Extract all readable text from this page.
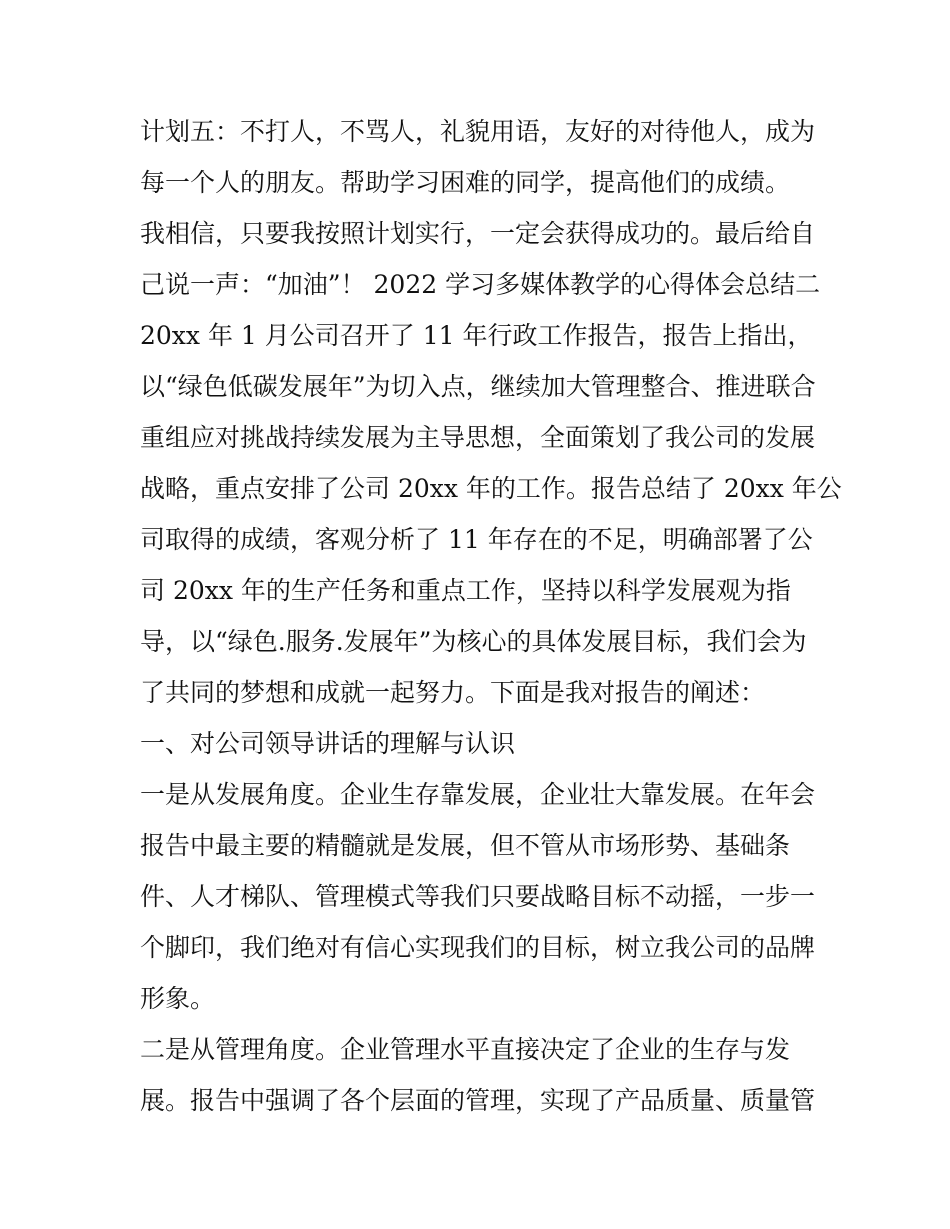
计划五：不打人，不骂人，礼貌用语，友好的对待他人，成为
每一个人的朋友。帮助学习困难的同学，提高他们的成绩。
我相信，只要我按照计划实行，一定会获得成功的。最后给自
己说一声：“加油”！ 2022 学习多媒体教学的心得体会总结二
20xx 年 1 月公司召开了 11 年行政工作报告，报告上指出，
以“绿色低碳发展年”为切入点，继续加大管理整合、推进联合
重组应对挑战持续发展为主导思想，全面策划了我公司的发展
战略，重点安排了公司 20xx 年的工作。报告总结了 20xx 年公
司取得的成绩，客观分析了 11 年存在的不足，明确部署了公
司 20xx 年的生产任务和重点工作，坚持以科学发展观为指
导，以“绿色.服务.发展年”为核心的具体发展目标，我们会为
了共同的梦想和成就一起努力。下面是我对报告的阐述：
一、对公司领导讲话的理解与认识
一是从发展角度。企业生存靠发展，企业壮大靠发展。在年会
报告中最主要的精髓就是发展，但不管从市场形势、基础条
件、人才梯队、管理模式等我们只要战略目标不动摇，一步一
个脚印，我们绝对有信心实现我们的目标，树立我公司的品牌
形象。
二是从管理角度。企业管理水平直接决定了企业的生存与发
展。报告中强调了各个层面的管理，实现了产品质量、质量管
